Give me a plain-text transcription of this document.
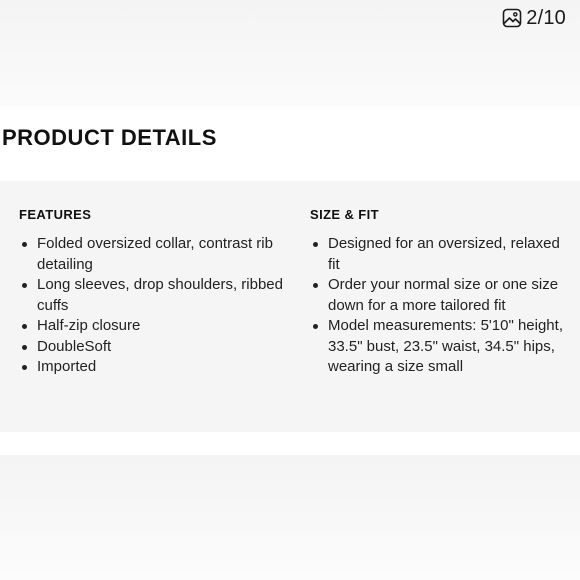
2/10
PRODUCT DETAILS
FEATURES
Folded oversized collar, contrast rib detailing
Long sleeves, drop shoulders, ribbed cuffs
Half-zip closure
DoubleSoft
Imported
SIZE & FIT
Designed for an oversized, relaxed fit
Order your normal size or one size down for a more tailored fit
Model measurements: 5'10" height, 33.5" bust, 23.5" waist, 34.5" hips, wearing a size small
